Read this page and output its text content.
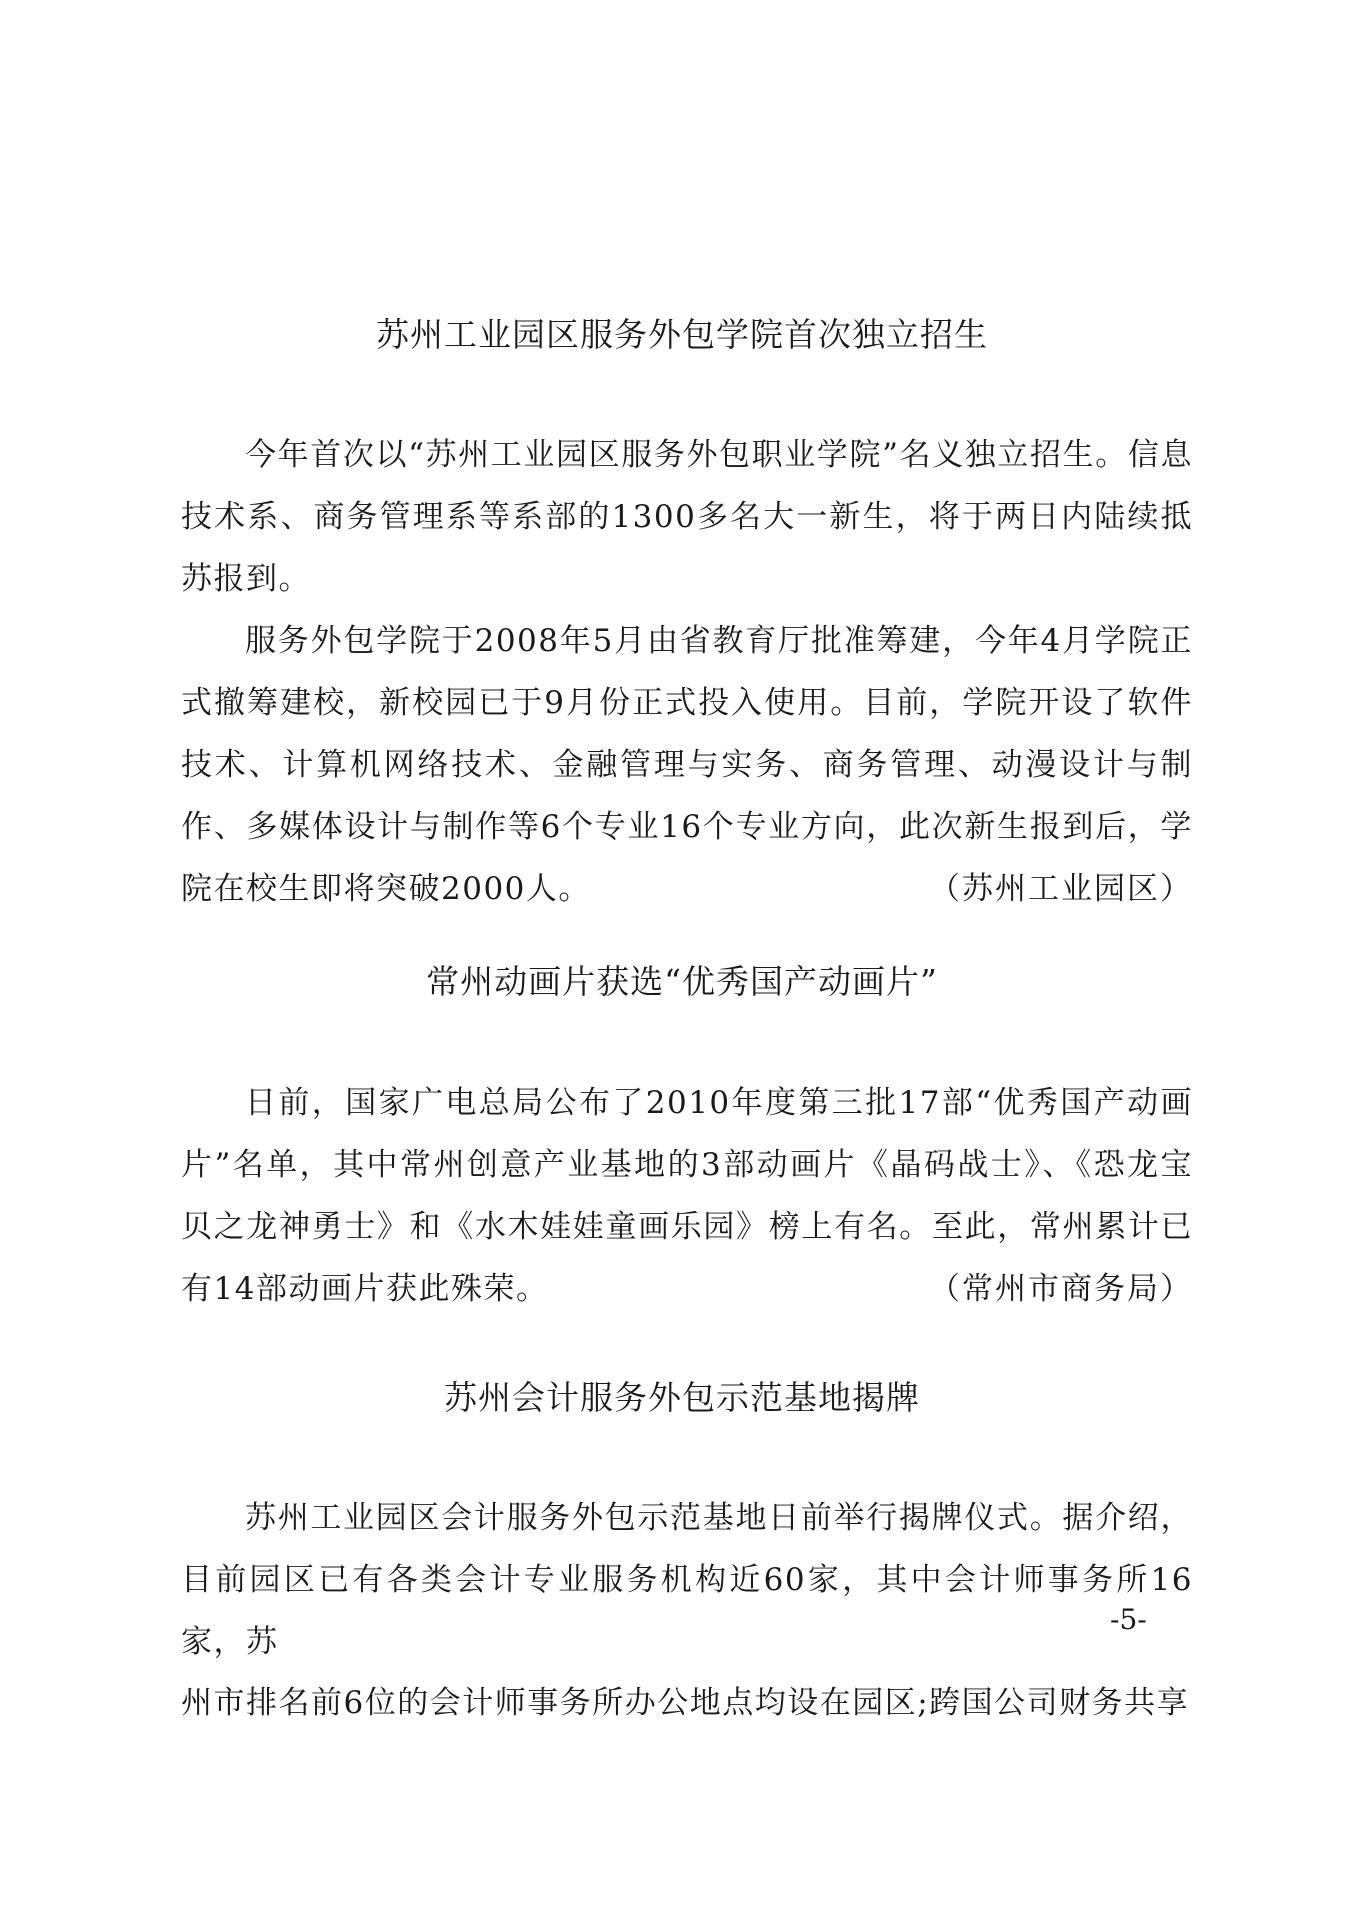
苏州工业园区服务外包学院首次独立招生

今年首次以“苏州工业园区服务外包职业学院”名义独立招生。信息技术系、商务管理系等系部的1300多名大一新生，将于两日内陆续抵苏报到。

服务外包学院于2008年5月由省教育厅批准筹建，今年4月学院正式撤筹建校，新校园已于9月份正式投入使用。目前，学院开设了软件技术、计算机网络技术、金融管理与实务、商务管理、动漫设计与制作、多媒体设计与制作等6个专业16个专业方向，此次新生报到后，学院在校生即将突破2000人。	（苏州工业园区）

常州动画片获选“优秀国产动画片”

日前，国家广电总局公布了2010年度第三批17部“优秀国产动画片”名单，其中常州创意产业基地的3部动画片《晶码战士》、《恐龙宝贝之龙神勇士》和《水木娃娃童画乐园》榜上有名。至此，常州累计已有14部动画片获此殊荣。	（常州市商务局）

苏州会计服务外包示范基地揭牌

苏州工业园区会计服务外包示范基地日前举行揭牌仪式。据介绍，目前园区已有各类会计专业服务机构近60家，其中会计师事务所16家，苏

-5-

州市排名前6位的会计师事务所办公地点均设在园区;跨国公司财务共享
